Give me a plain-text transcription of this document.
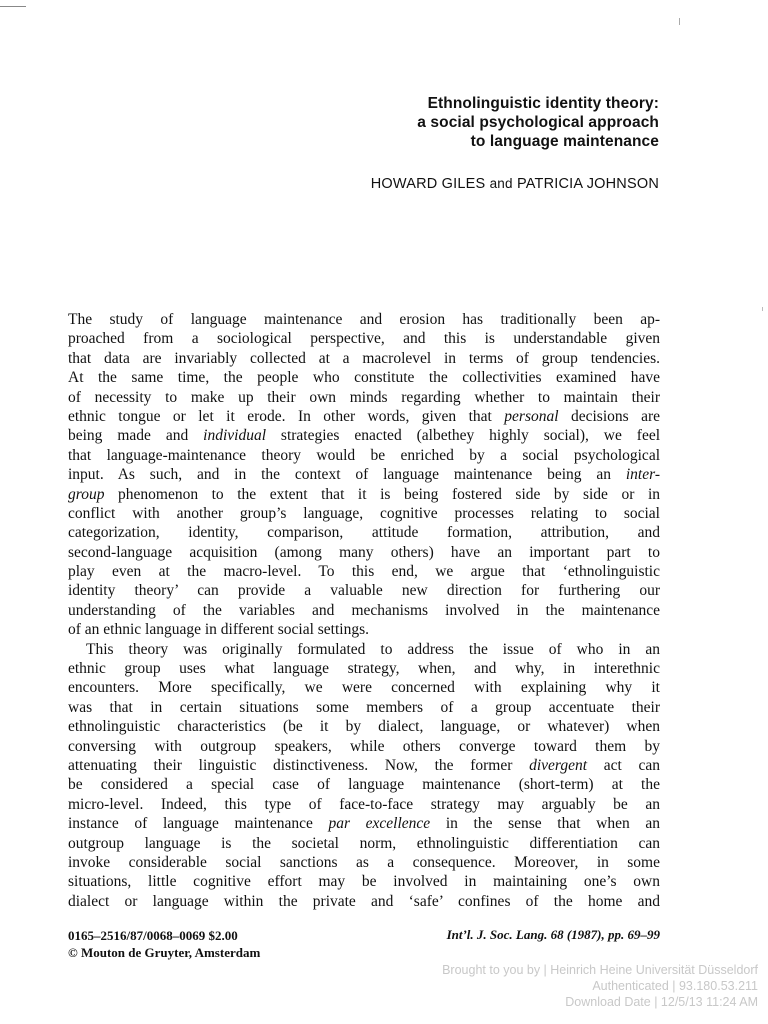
Ethnolinguistic identity theory:
a social psychological approach
to language maintenance
HOWARD GILES and PATRICIA JOHNSON
The study of language maintenance and erosion has traditionally been ap-
proached from a sociological perspective, and this is understandable given
that data are invariably collected at a macrolevel in terms of group tendencies.
At the same time, the people who constitute the collectivities examined have
of necessity to make up their own minds regarding whether to maintain their
ethnic tongue or let it erode. In other words, given that personal decisions are
being made and individual strategies enacted (albethey highly social), we feel
that language-maintenance theory would be enriched by a social psychological
input. As such, and in the context of language maintenance being an inter-
group phenomenon to the extent that it is being fostered side by side or in
conflict with another group’s language, cognitive processes relating to social
categorization, identity, comparison, attitude formation, attribution, and
second-language acquisition (among many others) have an important part to
play even at the macro-level. To this end, we argue that ‘ethnolinguistic
identity theory’ can provide a valuable new direction for furthering our
understanding of the variables and mechanisms involved in the maintenance
of an ethnic language in different social settings.
This theory was originally formulated to address the issue of who in an
ethnic group uses what language strategy, when, and why, in interethnic
encounters. More specifically, we were concerned with explaining why it
was that in certain situations some members of a group accentuate their
ethnolinguistic characteristics (be it by dialect, language, or whatever) when
conversing with outgroup speakers, while others converge toward them by
attenuating their linguistic distinctiveness. Now, the former divergent act can
be considered a special case of language maintenance (short-term) at the
micro-level. Indeed, this type of face-to-face strategy may arguably be an
instance of language maintenance par excellence in the sense that when an
outgroup language is the societal norm, ethnolinguistic differentiation can
invoke considerable social sanctions as a consequence. Moreover, in some
situations, little cognitive effort may be involved in maintaining one’s own
dialect or language within the private and ‘safe’ confines of the home and
0165–2516/87/0068–0069 $2.00
© Mouton de Gruyter, Amsterdam
Int’l. J. Soc. Lang. 68 (1987), pp. 69–99
Brought to you by | Heinrich Heine Universität Düsseldorf
Authenticated | 93.180.53.211
Download Date | 12/5/13 11:24 AM
